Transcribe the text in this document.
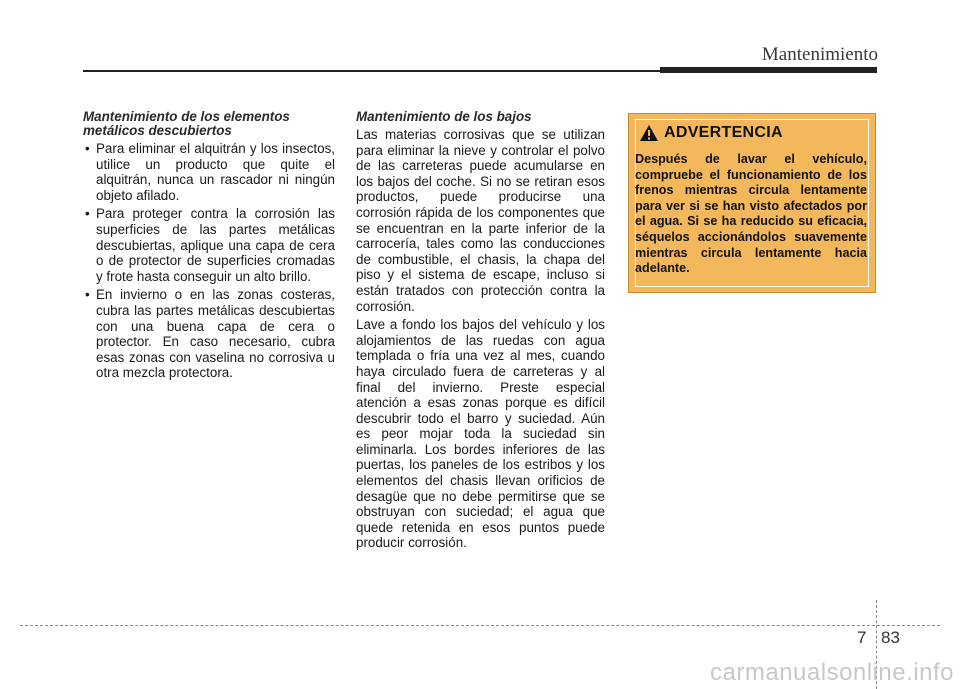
Mantenimiento
Mantenimiento de los elementos
metálicos descubiertos
• Para eliminar el alquitrán y los insectos, utilice un producto que quite el alquitrán, nunca un rascador ni ningún objeto afilado.
• Para proteger contra la corrosión las superficies de las partes metálicas descubiertas, aplique una capa de cera o de protector de superficies cromadas y frote hasta conseguir un alto brillo.
• En invierno o en las zonas costeras, cubra las partes metálicas descubiertas con una buena capa de cera o protector. En caso necesario, cubra esas zonas con vaselina no corrosiva u otra mezcla protectora.
Mantenimiento de los bajos

Las materias corrosivas que se utilizan para eliminar la nieve y controlar el polvo de las carreteras puede acumularse en los bajos del coche. Si no se retiran esos productos, puede producirse una corrosión rápida de los componentes que se encuentran en la parte inferior de la carrocería, tales como las conducciones de combustible, el chasis, la chapa del piso y el sistema de escape, incluso si están tratados con protección contra la corrosión.

Lave a fondo los bajos del vehículo y los alojamientos de las ruedas con agua templada o fría una vez al mes, cuando haya circulado fuera de carreteras y al final del invierno. Preste especial atención a esas zonas porque es difícil descubrir todo el barro y suciedad. Aún es peor mojar toda la suciedad sin eliminarla. Los bordes inferiores de las puertas, los paneles de los estribos y los elementos del chasis llevan orificios de desagüe que no debe permitirse que se obstruyan con suciedad; el agua que quede retenida en esos puntos puede producir corrosión.

ADVERTENCIA
Después de lavar el vehículo, compruebe el funcionamiento de los frenos mientras circula lentamente para ver si se han visto afectados por el agua. Si se ha reducido su eficacia, séquelos accionándolos suavemente mientras circula lentamente hacia adelante.
7 83
carmanualsonline.info
